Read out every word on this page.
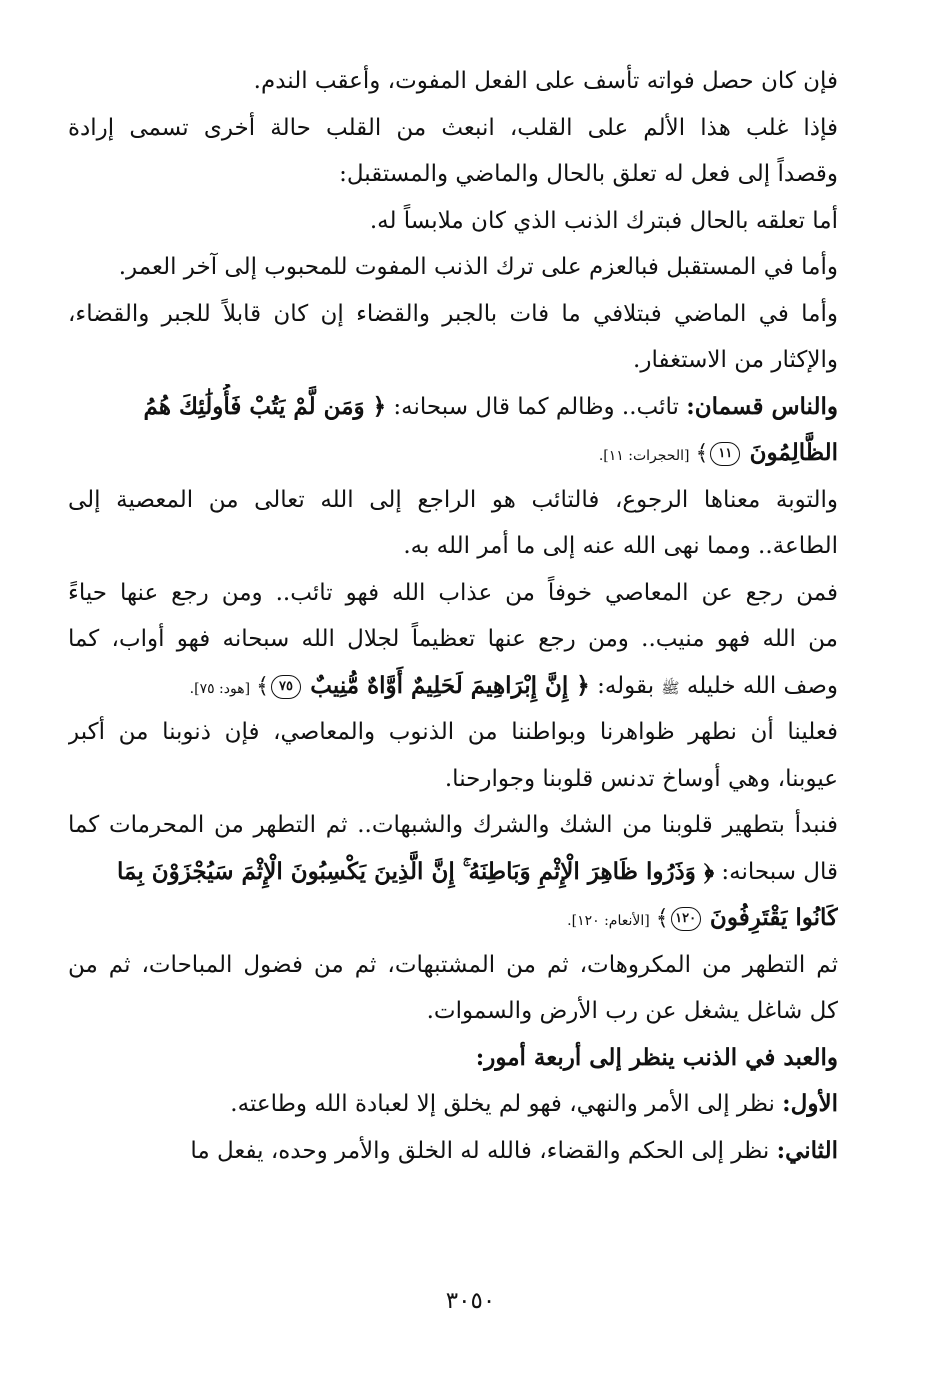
فإن كان حصل فواته تأسف على الفعل المفوت، وأعقب الندم.
فإذا غلب هذا الألم على القلب، انبعث من القلب حالة أخرى تسمى إرادة
وقصداً إلى فعل له تعلق بالحال والماضي والمستقبل:
أما تعلقه بالحال فبترك الذنب الذي كان ملابساً له.
وأما في المستقبل فبالعزم على ترك الذنب المفوت للمحبوب إلى آخر العمر.
وأما في الماضي فبتلافي ما فات بالجبر والقضاء إن كان قابلاً للجبر والقضاء،
والإكثار من الاستغفار.
والناس قسمان: تائب.. وظالم كما قال سبحانه: ﴿ وَمَن لَّمْ يَتُبْ فَأُولَٰئِكَ هُمُ
الظَّالِمُونَ ١١﴾[الحجرات: ١١].
والتوبة معناها الرجوع، فالتائب هو الراجع إلى الله تعالى من المعصية إلى
الطاعة.. ومما نهى الله عنه إلى ما أمر الله به.
فمن رجع عن المعاصي خوفاً من عذاب الله فهو تائب.. ومن رجع عنها حياءً
من الله فهو منيب.. ومن رجع عنها تعظيماً لجلال الله سبحانه فهو أواب، كما
وصف الله خليله ﷺ بقوله: ﴿ إِنَّ إِبْرَاهِيمَ لَحَلِيمٌ أَوَّاهٌ مُّنِيبٌ ٧٥﴾[هود: ٧٥].
فعلينا أن نطهر ظواهرنا وبواطننا من الذنوب والمعاصي، فإن ذنوبنا من أكبر
عيوبنا، وهي أوساخ تدنس قلوبنا وجوارحنا.
فنبدأ بتطهير قلوبنا من الشك والشرك والشبهات.. ثم التطهر من المحرمات كما
قال سبحانه: ﴿ وَذَرُوا ظَاهِرَ الْإِثْمِ وَبَاطِنَهُ ۚ إِنَّ الَّذِينَ يَكْسِبُونَ الْإِثْمَ سَيُجْزَوْنَ بِمَا
كَانُوا يَقْتَرِفُونَ ١٢٠﴾[الأنعام: ١٢٠].
ثم التطهر من المكروهات، ثم من المشتبهات، ثم من فضول المباحات، ثم من
كل شاغل يشغل عن رب الأرض والسموات.
والعبد في الذنب ينظر إلى أربعة أمور:
الأول: نظر إلى الأمر والنهي، فهو لم يخلق إلا لعبادة الله وطاعته.
الثاني: نظر إلى الحكم والقضاء، فالله له الخلق والأمر وحده، يفعل ما
٣٠٥٠
